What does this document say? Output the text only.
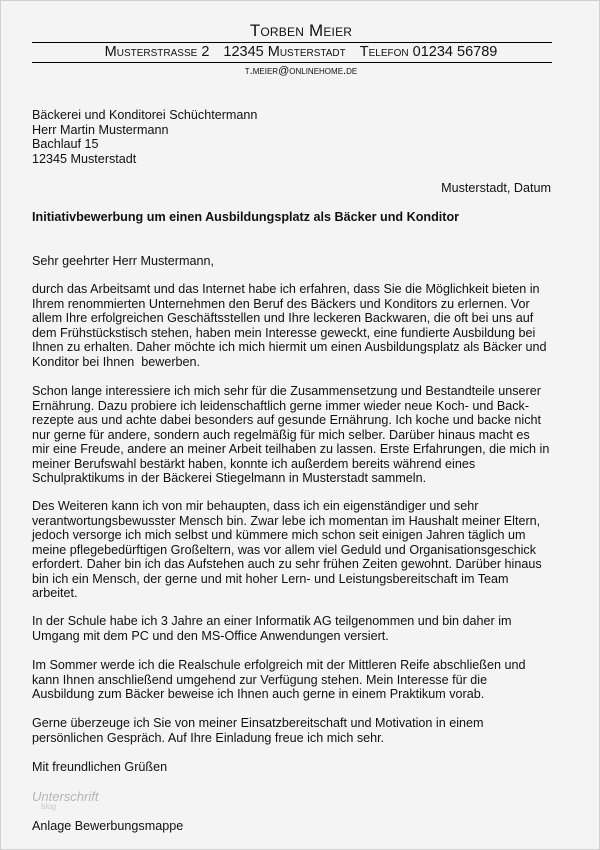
Torben Meier
Musterstrasse 2 12345 Musterstadt Telefon 01234 56789
t.meier@onlinehome.de
Bäckerei und Konditorei Schüchtermann
Herr Martin Mustermann
Bachlauf 15
12345 Musterstadt
Musterstadt, Datum
Initiativbewerbung um einen Ausbildungsplatz als Bäcker und Konditor
Sehr geehrter Herr Mustermann,
durch das Arbeitsamt und das Internet habe ich erfahren, dass Sie die Möglichkeit bieten in
Ihrem renommierten Unternehmen den Beruf des Bäckers und Konditors zu erlernen. Vor
allem Ihre erfolgreichen Geschäftsstellen und Ihre leckeren Backwaren, die oft bei uns auf
dem Frühstückstisch stehen, haben mein Interesse geweckt, eine fundierte Ausbildung bei
Ihnen zu erhalten. Daher möchte ich mich hiermit um einen Ausbildungsplatz als Bäcker und
Konditor bei Ihnen  bewerben.
Schon lange interessiere ich mich sehr für die Zusammensetzung und Bestandteile unserer
Ernährung. Dazu probiere ich leidenschaftlich gerne immer wieder neue Koch- und Back-
rezepte aus und achte dabei besonders auf gesunde Ernährung. Ich koche und backe nicht
nur gerne für andere, sondern auch regelmäßig für mich selber. Darüber hinaus macht es
mir eine Freude, andere an meiner Arbeit teilhaben zu lassen. Erste Erfahrungen, die mich in
meiner Berufswahl bestärkt haben, konnte ich außerdem bereits während eines
Schulpraktikums in der Bäckerei Stiegelmann in Musterstadt sammeln.
Des Weiteren kann ich von mir behaupten, dass ich ein eigenständiger und sehr
verantwortungsbewusster Mensch bin. Zwar lebe ich momentan im Haushalt meiner Eltern,
jedoch versorge ich mich selbst und kümmere mich schon seit einigen Jahren täglich um
meine pflegebedürftigen Großeltern, was vor allem viel Geduld und Organisationsgeschick
erfordert. Daher bin ich das Aufstehen auch zu sehr frühen Zeiten gewohnt. Darüber hinaus
bin ich ein Mensch, der gerne und mit hoher Lern- und Leistungsbereitschaft im Team
arbeitet.
In der Schule habe ich 3 Jahre an einer Informatik AG teilgenommen und bin daher im
Umgang mit dem PC und den MS-Office Anwendungen versiert.
Im Sommer werde ich die Realschule erfolgreich mit der Mittleren Reife abschließen und
kann Ihnen anschließend umgehend zur Verfügung stehen. Mein Interesse für die
Ausbildung zum Bäcker beweise ich Ihnen auch gerne in einem Praktikum vorab.
Gerne überzeuge ich Sie von meiner Einsatzbereitschaft und Motivation in einem
persönlichen Gespräch. Auf Ihre Einladung freue ich mich sehr.
Mit freundlichen Grüßen
Unterschrift
blog
Anlage Bewerbungsmappe
